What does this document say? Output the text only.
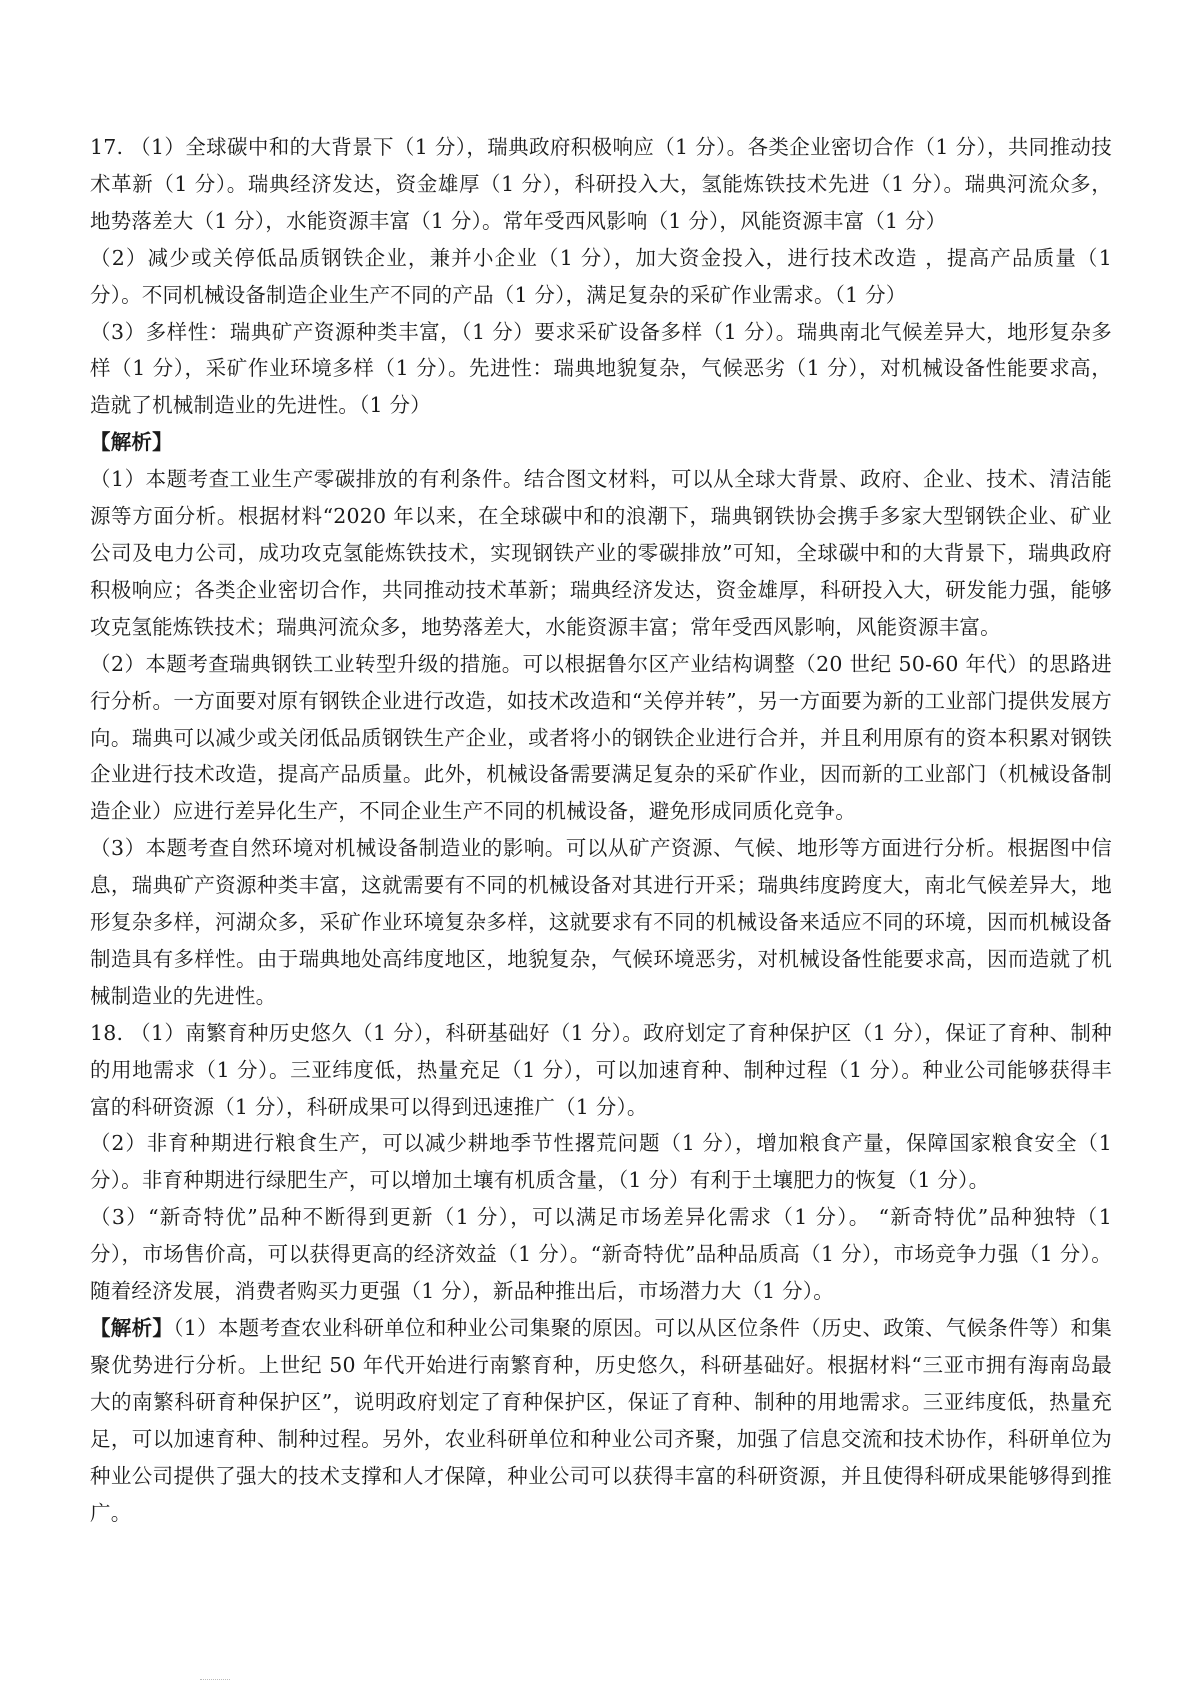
17. （1）全球碳中和的大背景下（1 分），瑞典政府积极响应（1 分）。各类企业密切合作（1 分），共同推动技术革新（1 分）。瑞典经济发达，资金雄厚（1 分），科研投入大，氢能炼铁技术先进（1 分）。瑞典河流众多，地势落差大（1 分），水能资源丰富（1 分）。常年受西风影响（1 分），风能资源丰富（1 分）

（2）减少或关停低品质钢铁企业，兼并小企业（1 分），加大资金投入，进行技术改造 ，提高产品质量（1 分）。不同机械设备制造企业生产不同的产品（1 分），满足复杂的采矿作业需求。（1 分）

（3）多样性：瑞典矿产资源种类丰富，（1 分）要求采矿设备多样（1 分）。瑞典南北气候差异大，地形复杂多样（1 分），采矿作业环境多样（1 分）。先进性：瑞典地貌复杂，气候恶劣（1 分），对机械设备性能要求高，造就了机械制造业的先进性。（1 分）

【解析】

（1）本题考查工业生产零碳排放的有利条件。结合图文材料，可以从全球大背景、政府、企业、技术、清洁能源等方面分析。根据材料“2020 年以来，在全球碳中和的浪潮下，瑞典钢铁协会携手多家大型钢铁企业、矿业公司及电力公司，成功攻克氢能炼铁技术，实现钢铁产业的零碳排放”可知，全球碳中和的大背景下，瑞典政府积极响应；各类企业密切合作，共同推动技术革新；瑞典经济发达，资金雄厚，科研投入大，研发能力强，能够攻克氢能炼铁技术；瑞典河流众多，地势落差大，水能资源丰富；常年受西风影响，风能资源丰富。

（2）本题考查瑞典钢铁工业转型升级的措施。可以根据鲁尔区产业结构调整（20 世纪 50-60 年代）的思路进行分析。一方面要对原有钢铁企业进行改造，如技术改造和“关停并转”，另一方面要为新的工业部门提供发展方向。瑞典可以减少或关闭低品质钢铁生产企业，或者将小的钢铁企业进行合并，并且利用原有的资本积累对钢铁企业进行技术改造，提高产品质量。此外，机械设备需要满足复杂的采矿作业，因而新的工业部门（机械设备制造企业）应进行差异化生产，不同企业生产不同的机械设备，避免形成同质化竞争。

（3）本题考查自然环境对机械设备制造业的影响。可以从矿产资源、气候、地形等方面进行分析。根据图中信息，瑞典矿产资源种类丰富，这就需要有不同的机械设备对其进行开采；瑞典纬度跨度大，南北气候差异大，地形复杂多样，河湖众多，采矿作业环境复杂多样，这就要求有不同的机械设备来适应不同的环境，因而机械设备制造具有多样性。由于瑞典地处高纬度地区，地貌复杂，气候环境恶劣，对机械设备性能要求高，因而造就了机械制造业的先进性。

18. （1）南繁育种历史悠久（1 分），科研基础好（1 分）。政府划定了育种保护区（1 分），保证了育种、制种的用地需求（1 分）。三亚纬度低，热量充足（1 分），可以加速育种、制种过程（1 分）。种业公司能够获得丰富的科研资源（1 分），科研成果可以得到迅速推广（1 分）。

（2）非育种期进行粮食生产，可以减少耕地季节性撂荒问题（1 分），增加粮食产量，保障国家粮食安全（1 分）。非育种期进行绿肥生产，可以增加土壤有机质含量，（1 分）有利于土壤肥力的恢复（1 分）。

（3）“新奇特优”品种不断得到更新（1 分），可以满足市场差异化需求（1 分）。 “新奇特优”品种独特（1 分），市场售价高，可以获得更高的经济效益（1 分）。“新奇特优”品种品质高（1 分），市场竞争力强（1 分）。随着经济发展，消费者购买力更强（1 分），新品种推出后，市场潜力大（1 分）。

【解析】（1）本题考查农业科研单位和种业公司集聚的原因。可以从区位条件（历史、政策、气候条件等）和集聚优势进行分析。上世纪 50 年代开始进行南繁育种，历史悠久，科研基础好。根据材料“三亚市拥有海南岛最大的南繁科研育种保护区”，说明政府划定了育种保护区，保证了育种、制种的用地需求。三亚纬度低，热量充足，可以加速育种、制种过程。另外，农业科研单位和种业公司齐聚，加强了信息交流和技术协作，科研单位为种业公司提供了强大的技术支撑和人才保障，种业公司可以获得丰富的科研资源，并且使得科研成果能够得到推广。
